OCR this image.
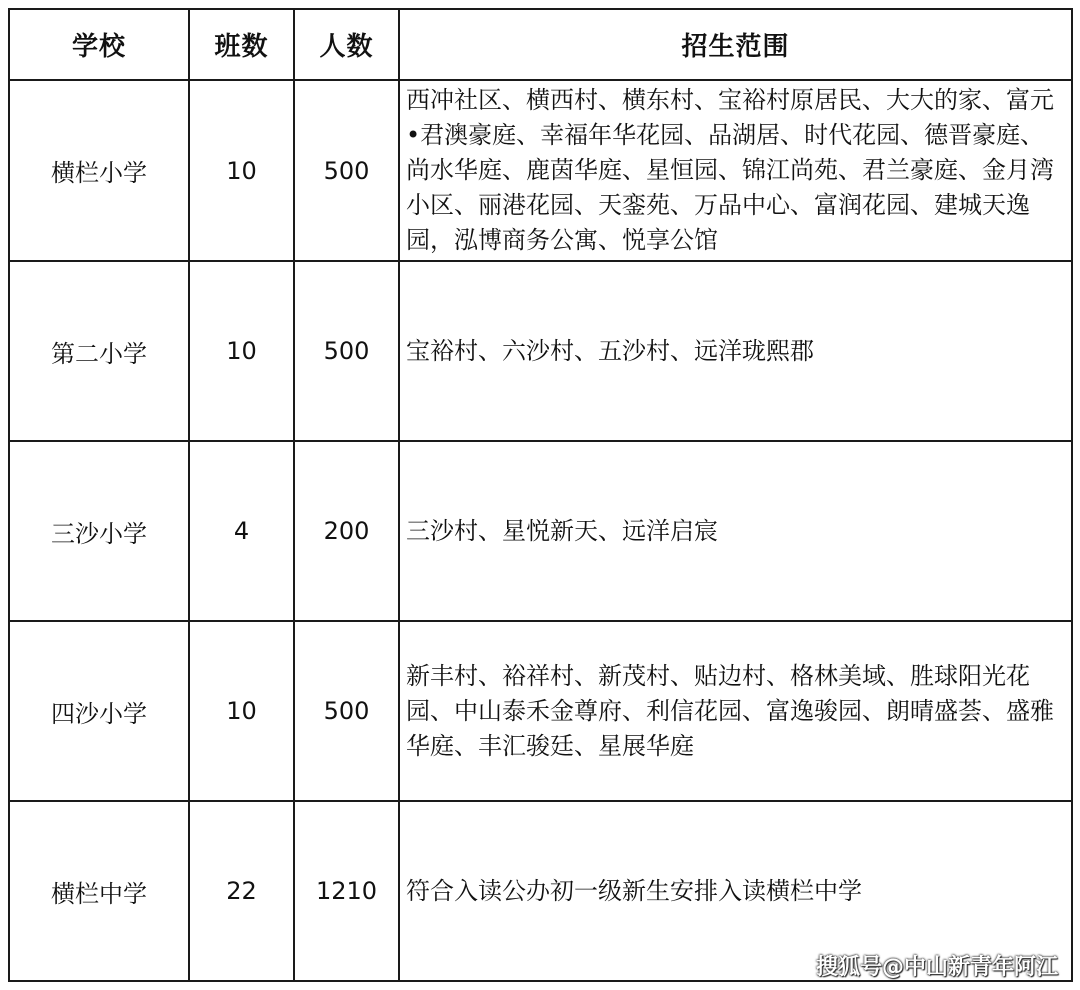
学校	班数	人数	招生范围
横栏小学	10	500	西冲社区、横西村、横东村、宝裕村原居民、大大的家、富元•君澳豪庭、幸福年华花园、品湖居、时代花园、德晋豪庭、尚水华庭、鹿茵华庭、星恒园、锦江尚苑、君兰豪庭、金月湾小区、丽港花园、天銮苑、万品中心、富润花园、建城天逸园，泓博商务公寓、悦享公馆
第二小学	10	500	宝裕村、六沙村、五沙村、远洋珑熙郡
三沙小学	4	200	三沙村、星悦新天、远洋启宸
四沙小学	10	500	新丰村、裕祥村、新茂村、贴边村、格林美域、胜球阳光花园、中山泰禾金尊府、利信花园、富逸骏园、朗晴盛荟、盛雅华庭、丰汇骏廷、星展华庭
横栏中学	22	1210	符合入读公办初一级新生安排入读横栏中学
搜狐号@中山新青年阿江
